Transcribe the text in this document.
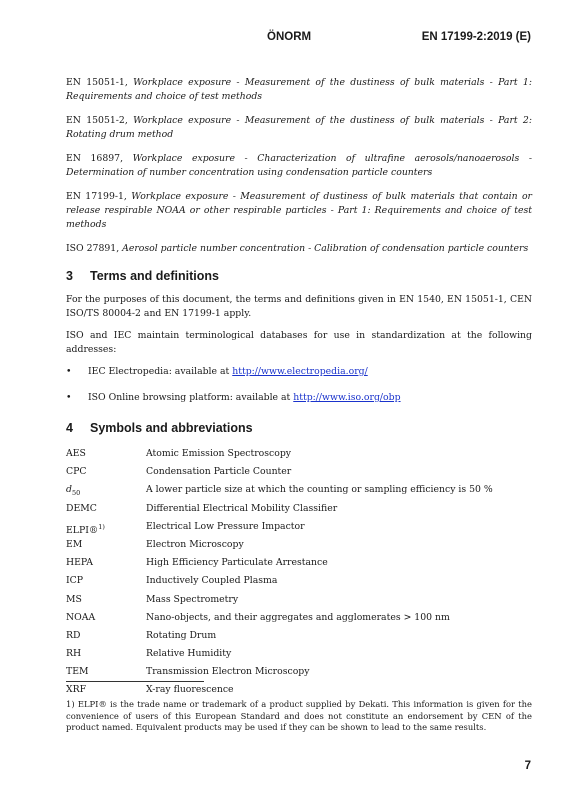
ÖNORM	EN 17199-2:2019 (E)

EN 15051-1, Workplace exposure - Measurement of the dustiness of bulk materials - Part 1: Requirements and choice of test methods

EN 15051-2, Workplace exposure - Measurement of the dustiness of bulk materials - Part 2: Rotating drum method

EN 16897, Workplace exposure - Characterization of ultrafine aerosols/nanoaerosols - Determination of number concentration using condensation particle counters

EN 17199-1, Workplace exposure - Measurement of dustiness of bulk materials that contain or release respirable NOAA or other respirable particles - Part 1: Requirements and choice of test methods

ISO 27891, Aerosol particle number concentration - Calibration of condensation particle counters

3	Terms and definitions

For the purposes of this document, the terms and definitions given in EN 1540, EN 15051-1, CEN ISO/TS 80004-2 and EN 17199-1 apply.

ISO and IEC maintain terminological databases for use in standardization at the following addresses:

•	IEC Electropedia: available at http://www.electropedia.org/
•	ISO Online browsing platform: available at http://www.iso.org/obp
4	Symbols and abbreviations
AES	Atomic Emission Spectroscopy
CPC	Condensation Particle Counter
$d_{50}$	A lower particle size at which the counting or sampling efficiency is 50 %
DEMC	Differential Electrical Mobility Classifier
ELPI®$^{1)}$	Electrical Low Pressure Impactor
EM	Electron Microscopy
HEPA	High Efficiency Particulate Arrestance
ICP	Inductively Coupled Plasma
MS	Mass Spectrometry
NOAA	Nano-objects, and their aggregates and agglomerates > 100 nm
RD	Rotating Drum
RH	Relative Humidity
TEM	Transmission Electron Microscopy
XRF	X-ray fluorescence
1) ELPI® is the trade name or trademark of a product supplied by Dekati. This information is given for the convenience of users of this European Standard and does not constitute an endorsement by CEN of the product named. Equivalent products may be used if they can be shown to lead to the same results.
7
